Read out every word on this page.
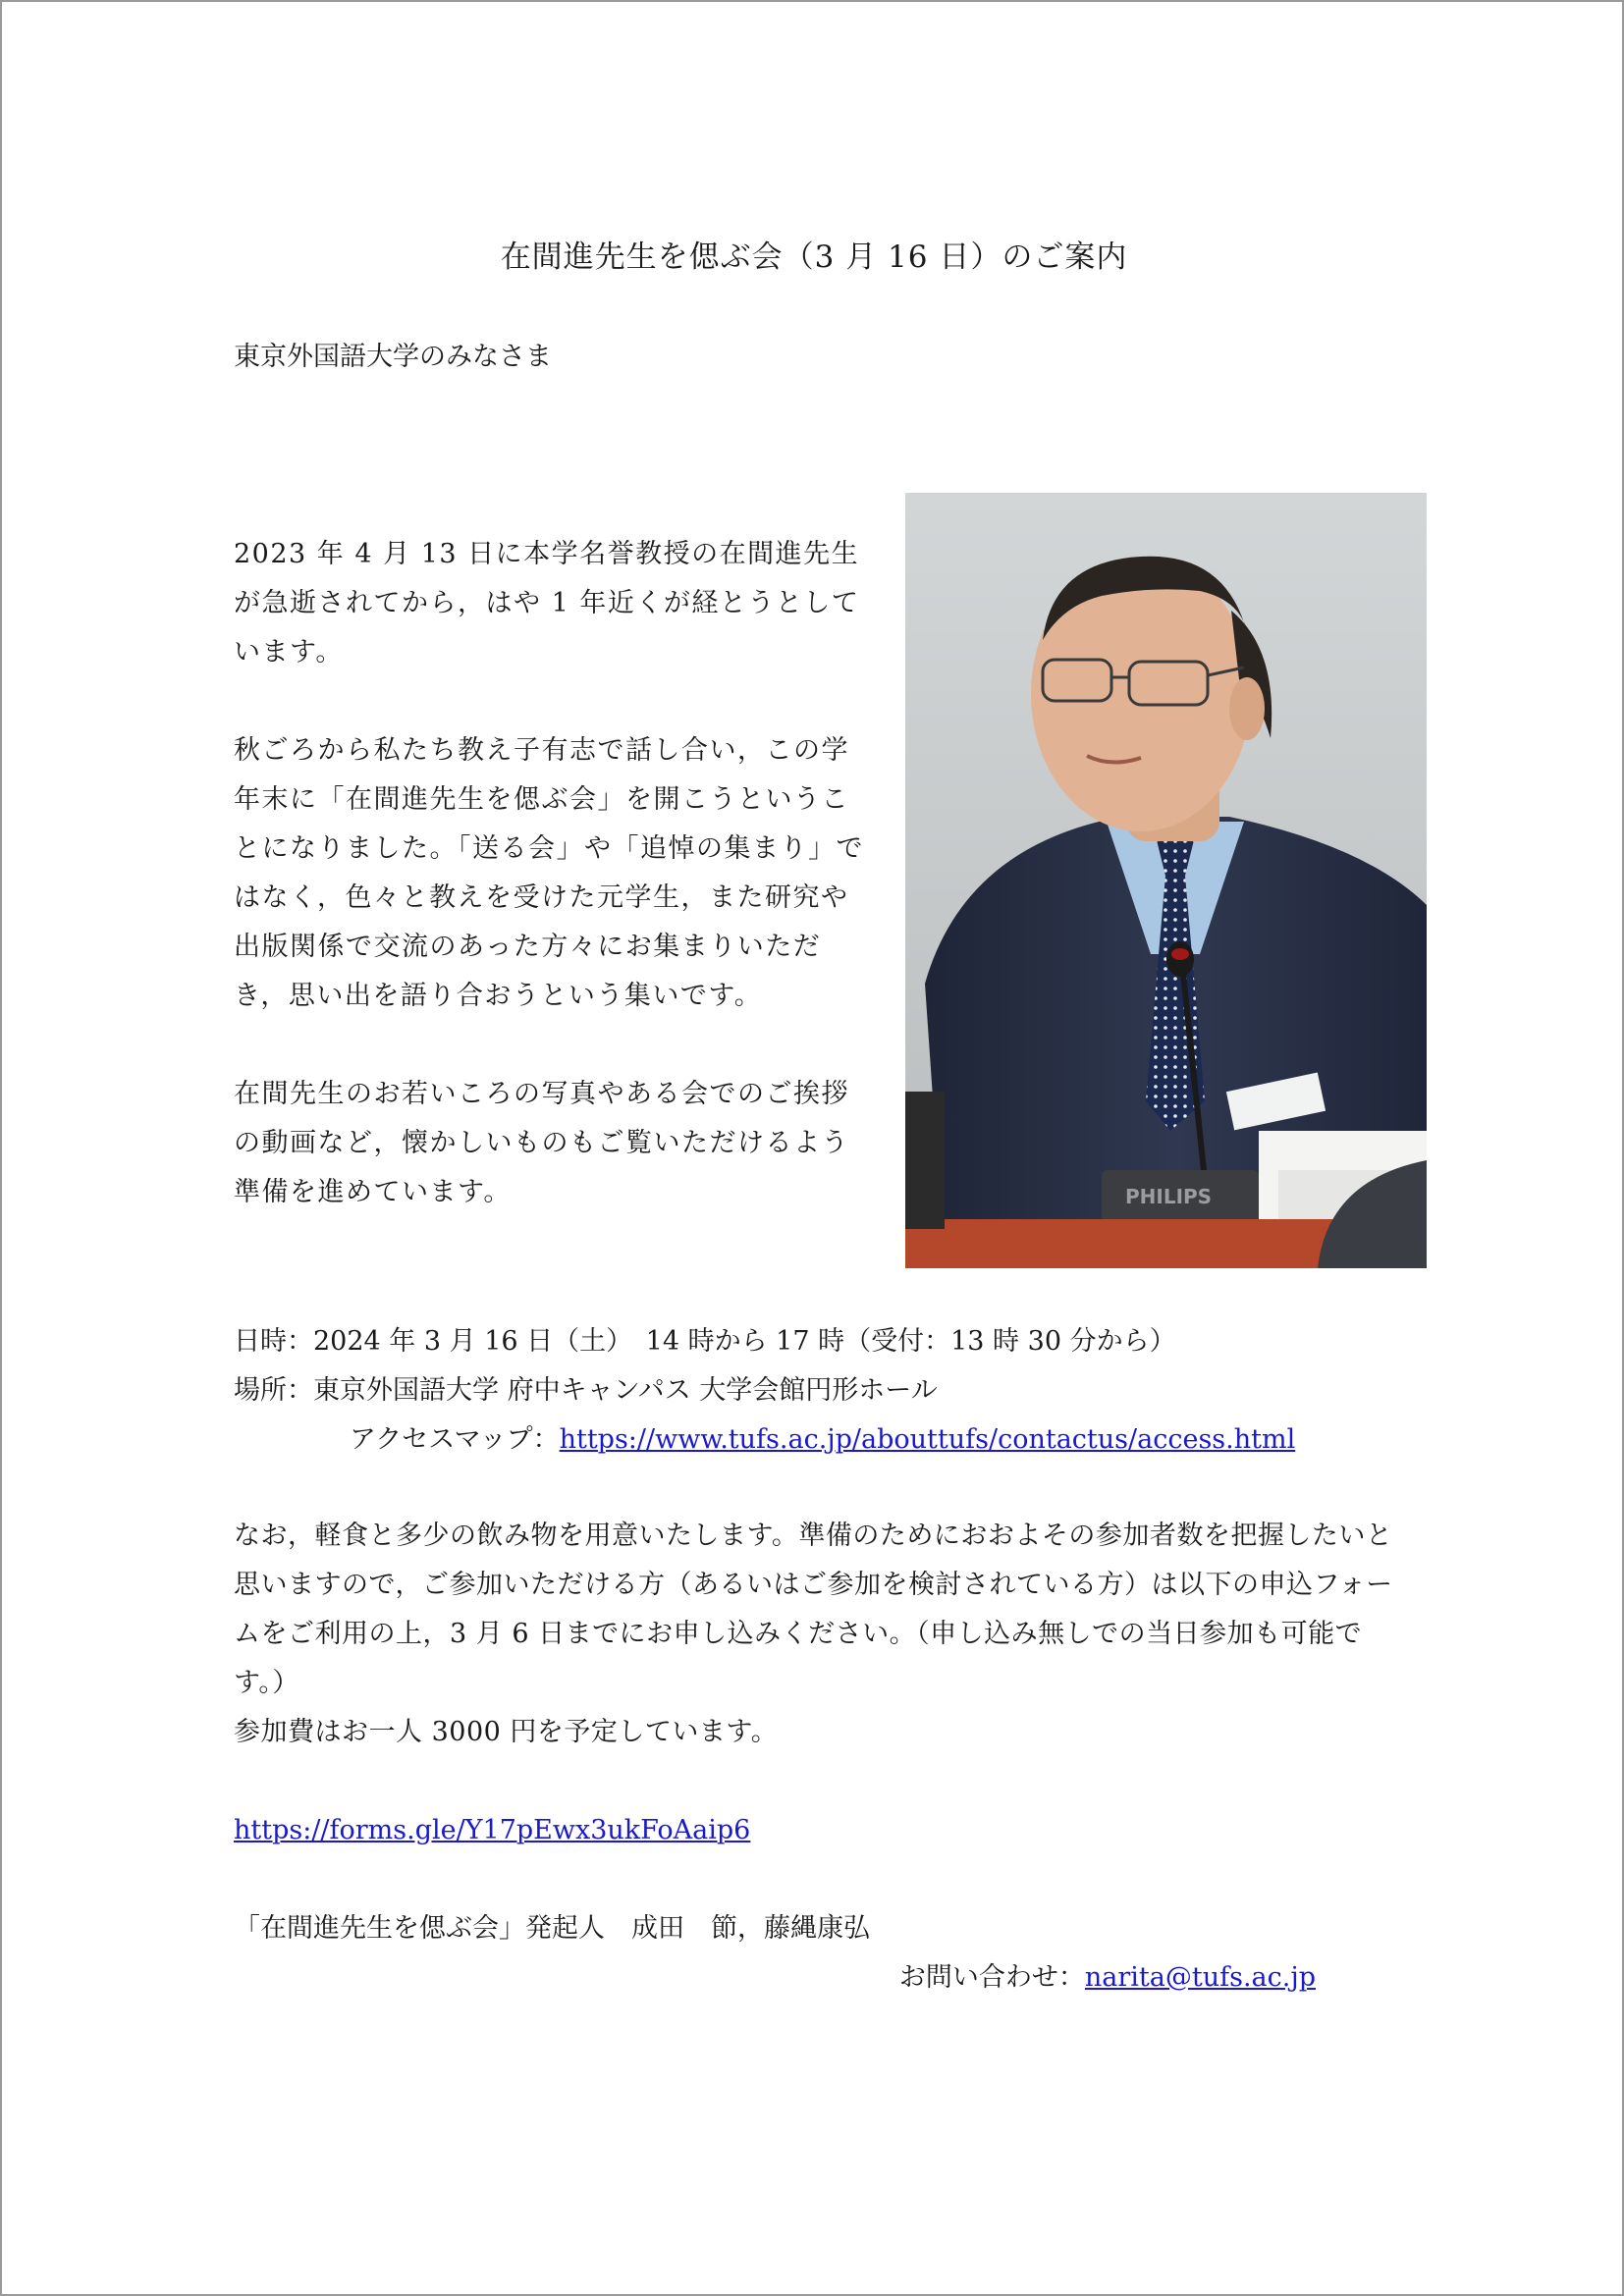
在間進先生を偲ぶ会（3 月 16 日）のご案内
東京外国語大学のみなさま

2023 年 4 月 13 日に本学名誉教授の在間進先生が急逝されてから，はや 1 年近くが経とうとしています。

秋ごろから私たち教え子有志で話し合い，この学年末に「在間進先生を偲ぶ会」を開こうということになりました。「送る会」や「追悼の集まり」ではなく，色々と教えを受けた元学生，また研究や出版関係で交流のあった方々にお集まりいただき，思い出を語り合おうという集いです。

在間先生のお若いころの写真やある会でのご挨拶の動画など，懐かしいものもご覧いただけるよう準備を進めています。	PHILIPS
日時：2024 年 3 月 16 日（土）　14 時から 17 時（受付：13 時 30 分から）
場所：東京外国語大学 府中キャンパス 大学会館円形ホール
アクセスマップ：https://www.tufs.ac.jp/abouttufs/contactus/access.html

なお，軽食と多少の飲み物を用意いたします。準備のためにおおよその参加者数を把握したいと思いますので，ご参加いただける方（あるいはご参加を検討されている方）は以下の申込フォームをご利用の上，3 月 6 日までにお申し込みください。（申し込み無しでの当日参加も可能です。）

参加費はお一人 3000 円を予定しています。

https://forms.gle/Y17pEwx3ukFoAaip6
「在間進先生を偲ぶ会」発起人　成田　節，藤縄康弘
お問い合わせ：narita@tufs.ac.jp
